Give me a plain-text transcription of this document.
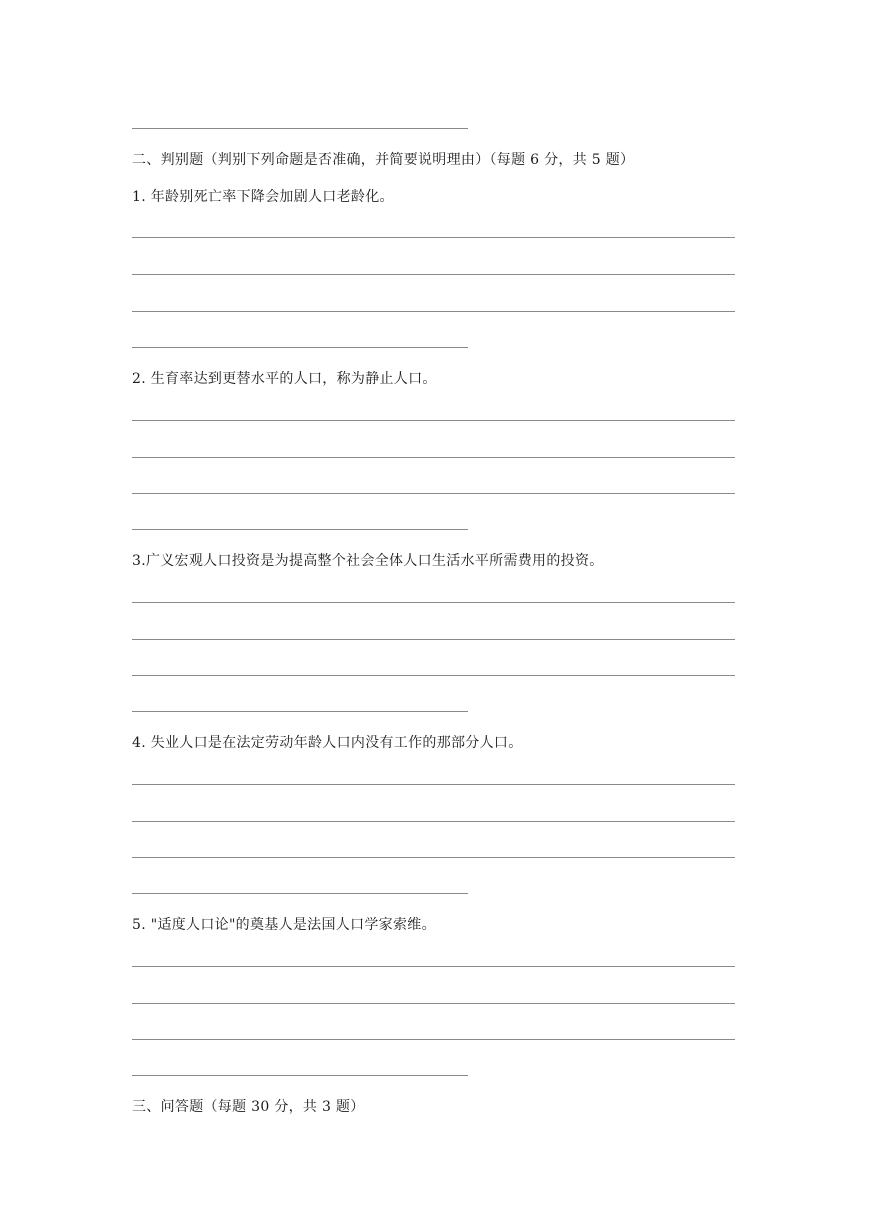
二、判别题（判别下列命题是否准确，并简要说明理由）（每题 6 分，共 5 题）
1. 年龄别死亡率下降会加剧人口老龄化。
2. 生育率达到更替水平的人口，称为静止人口。
3.广义宏观人口投资是为提高整个社会全体人口生活水平所需费用的投资。
4. 失业人口是在法定劳动年龄人口内没有工作的那部分人口。
5. "适度人口论"的奠基人是法国人口学家索维。
三、问答题（每题 30 分，共 3 题）
